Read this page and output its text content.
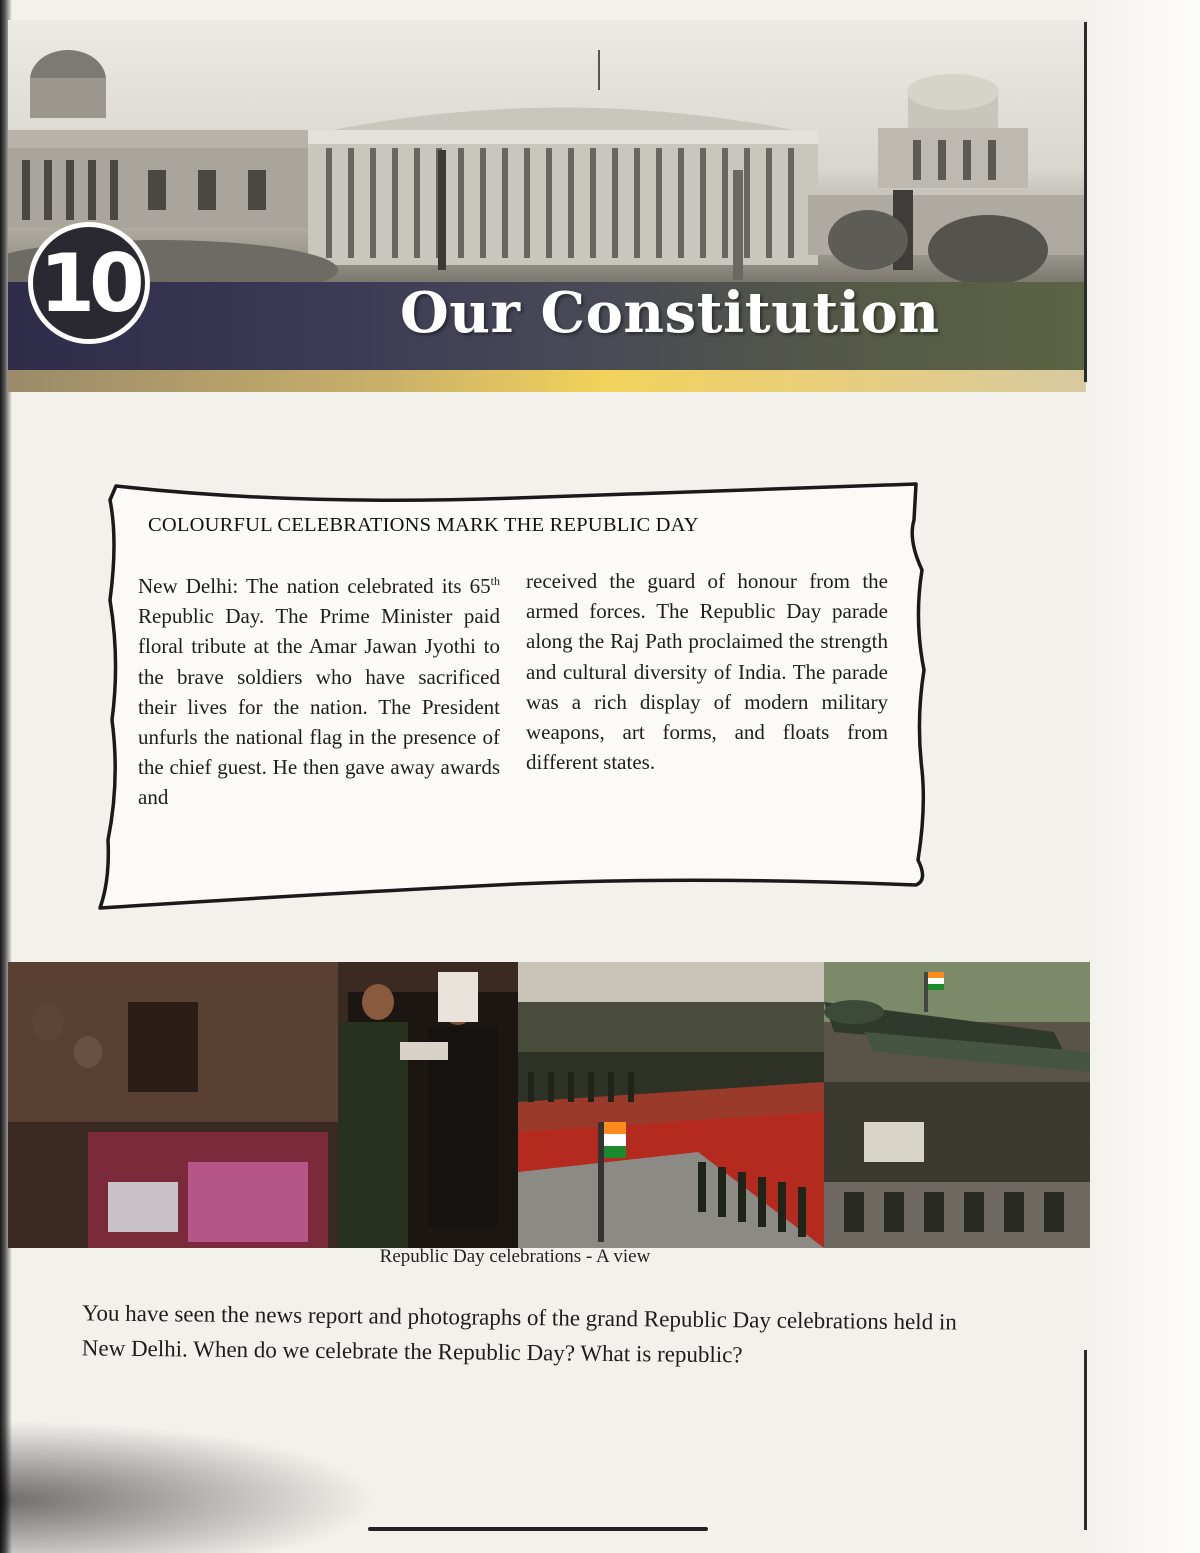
10	Our Constitution
COLOURFUL CELEBRATIONS MARK THE REPUBLIC DAY

New Delhi: The nation celebrated its 65th Republic Day. The Prime Minister paid floral tribute at the Amar Jawan Jyothi to the brave soldiers who have sacrificed their lives for the nation. The President unfurls the national flag in the presence of the chief guest. He then gave away awards and

received the guard of honour from the armed forces. The Republic Day parade along the Raj Path proclaimed the strength and cultural diversity of India. The parade was a rich display of modern military weapons, art forms, and floats from different states.

Republic Day celebrations - A view

You have seen the news report and photographs of the grand Republic Day celebrations held in New Delhi. When do we celebrate the Republic Day? What is republic?
